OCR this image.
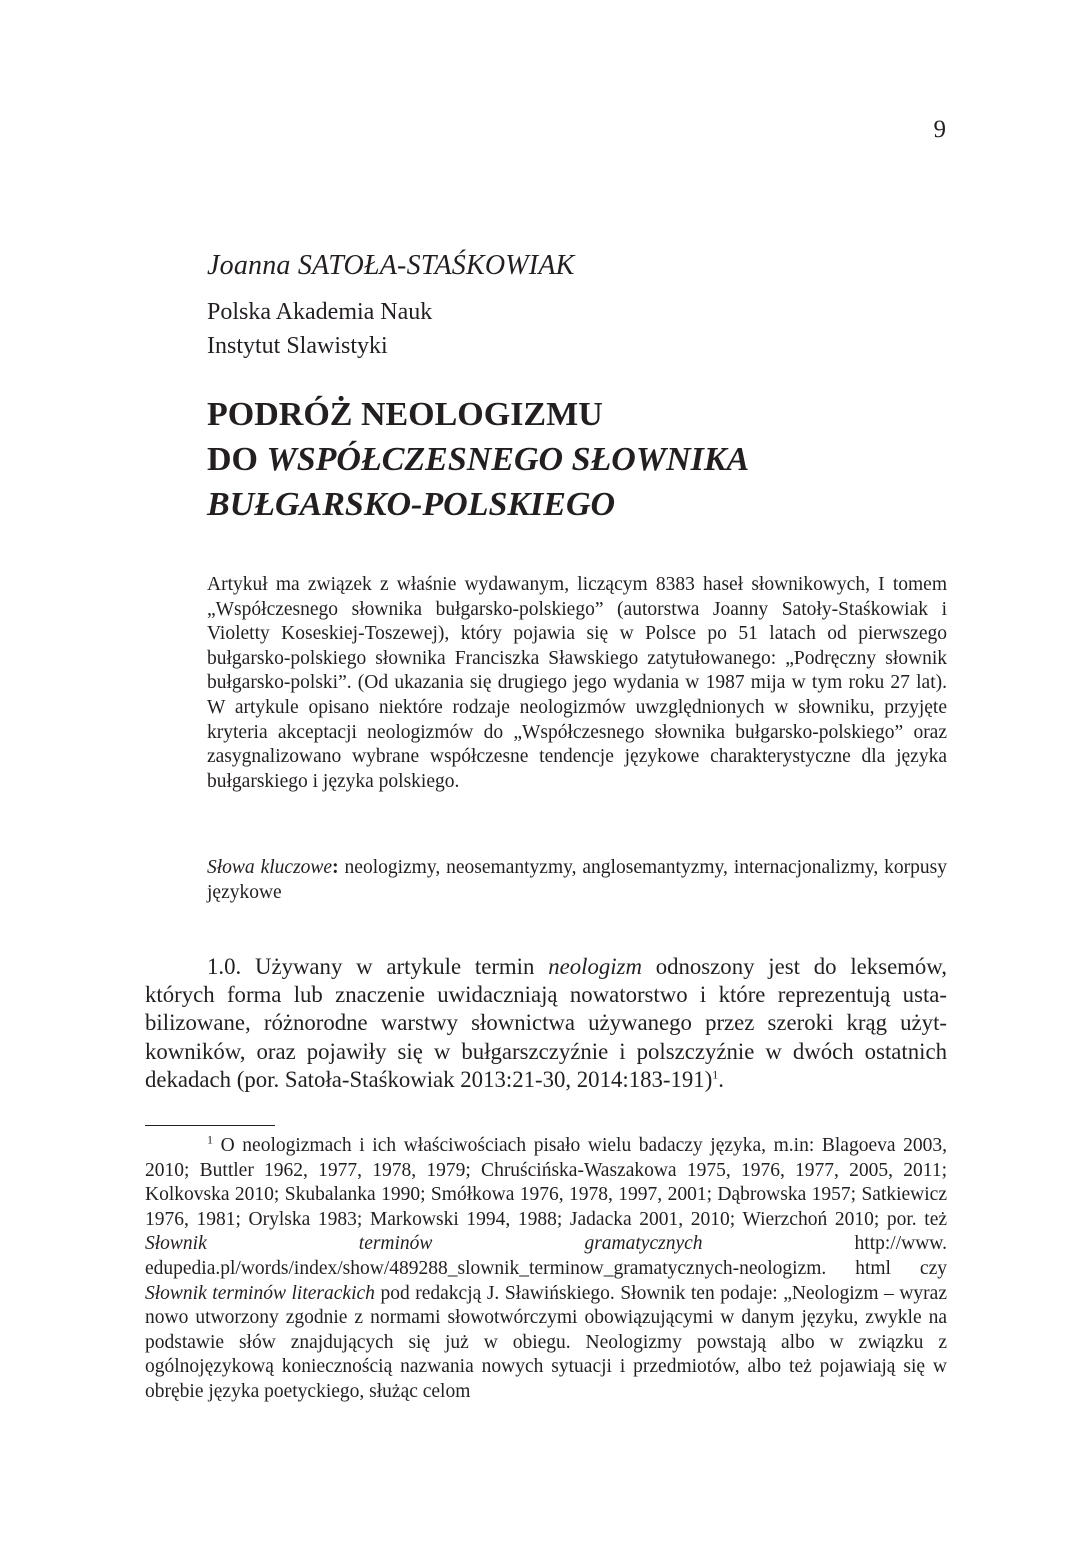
9
Joanna SATOŁA-STAŚKOWIAK
Polska Akademia Nauk
Instytut Slawistyki
PODRÓŻ NEOLOGIZMU
DO WSPÓŁCZESNEGO SŁOWNIKA
BUŁGARSKO-POLSKIEGO

Artykuł ma związek z właśnie wydawanym, liczącym 8383 haseł słownikowych, I tomem „Współczesnego słownika bułgarsko-polskiego” (autorstwa Joanny Satoły-Staśkowiak i Violetty Koseskiej-Toszewej), który pojawia się w Polsce po 51 latach od pierwszego bułgarsko-polskiego słownika Franciszka Sławskiego zatytułowanego: „Podręczny słownik bułgarsko-polski”. (Od ukazania się drugiego jego wydania w 1987 mija w tym roku 27 lat). W artykule opisano niektóre rodzaje neologizmów uwzględnionych w słowniku, przyjęte kryteria akceptacji neologizmów do „Współczesnego słownika bułgarsko-polskiego” oraz zasygnalizowano wybrane współczesne tendencje językowe charakterystyczne dla języka bułgarskiego i języka polskiego.

Słowa kluczowe: neologizmy, neosemantyzmy, anglosemantyzmy, internacjonalizmy, korpusy językowe

1.0. Używany w artykule termin neologizm odnoszony jest do leksemów, których forma lub znaczenie uwidaczniają nowatorstwo i które reprezentują ustabilizowane, różnorodne warstwy słownictwa używanego przez szeroki krąg użytkowników, oraz pojawiły się w bułgarszczyźnie i polszczyźnie w dwóch ostatnich dekadach (por. Satoła-Staśkowiak 2013:21-30, 2014:183-191)$^1$.

$^1$ O neologizmach i ich właściwościach pisało wielu badaczy języka, m.in: Blagoeva 2003, 2010; Buttler 1962, 1977, 1978, 1979; Chruścińska-Waszakowa 1975, 1976, 1977, 2005, 2011; Kolkovska 2010; Skubalanka 1990; Smółkowa 1976, 1978, 1997, 2001; Dąbrowska 1957; Satkiewicz 1976, 1981; Orylska 1983; Markowski 1994, 1988; Jadacka 2001, 2010; Wierzchoń 2010; por. też Słownik terminów gramatycznych http://www. edupedia.pl/words/index/show/489288_slownik_terminow_gramatycznych-neologizm. html czy Słownik terminów literackich pod redakcją J. Sławińskiego. Słownik ten podaje: „Neologizm – wyraz nowo utworzony zgodnie z normami słowotwórczymi obowiązującymi w danym języku, zwykle na podstawie słów znajdujących się już w obiegu. Neologizmy powstają albo w związku z ogólnojęzykową koniecznością nazwania nowych sytuacji i przedmiotów, albo też pojawiają się w obrębie języka poetyckiego, służąc celom
